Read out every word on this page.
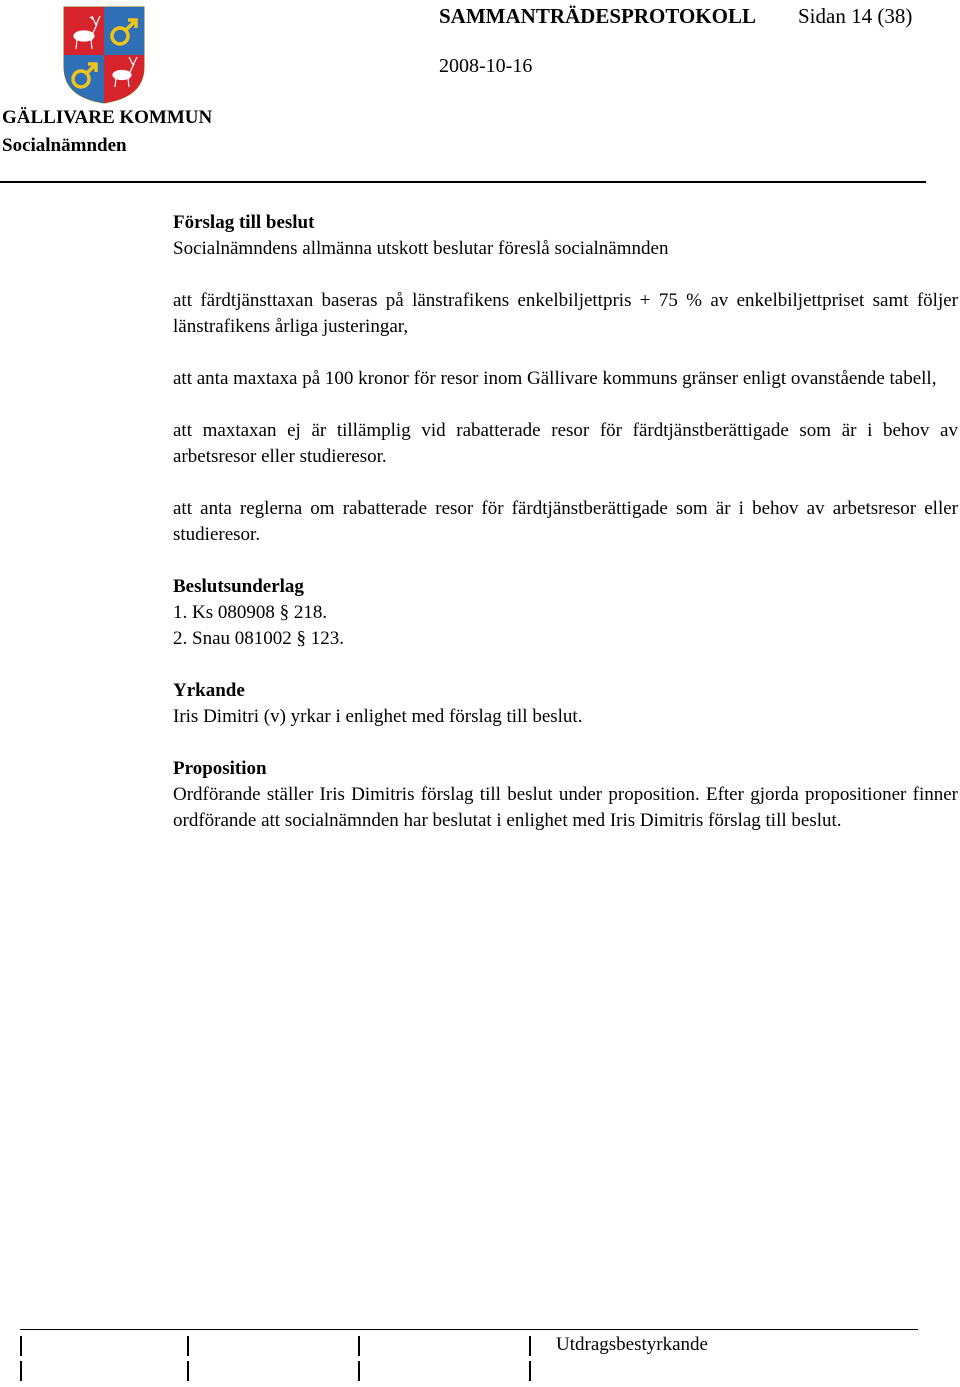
SAMMANTRÄDESPROTOKOLL Sidan 14 (38)
2008-10-16
GÄLLIVARE KOMMUN
Socialnämnden

Förslag till beslut

Socialnämndens allmänna utskott beslutar föreslå socialnämnden

att färdtjänsttaxan baseras på länstrafikens enkelbiljettpris + 75 % av enkelbiljettpriset samt följer länstrafikens årliga justeringar,

att anta maxtaxa på 100 kronor för resor inom Gällivare kommuns gränser enligt ovanstående tabell,

att maxtaxan ej är tillämplig vid rabatterade resor för färdtjänstberättigade som är i behov av arbetsresor eller studieresor.

att anta reglerna om rabatterade resor för färdtjänstberättigade som är i behov av arbetsresor eller studieresor.

Beslutsunderlag

1. Ks 080908 § 218.

2. Snau 081002 § 123.

Yrkande

Iris Dimitri (v) yrkar i enlighet med förslag till beslut.

Proposition

Ordförande ställer Iris Dimitris förslag till beslut under proposition. Efter gjorda propositioner finner ordförande att socialnämnden har beslutat i enlighet med Iris Dimitris förslag till beslut.

Utdragsbestyrkande
